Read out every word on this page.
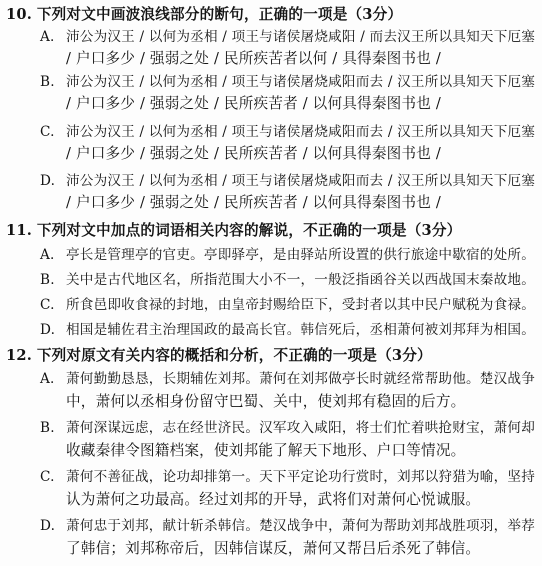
10. 下列对文中画波浪线部分的断句，正确的一项是（3分）
A. 沛公为汉王 / 以何为丞相 / 项王与诸侯屠烧咸阳 / 而去汉王所以具知天下厄塞
/ 户口多少 / 强弱之处 / 民所疾苦者以何 / 具得秦图书也 /
B. 沛公为汉王 / 以何为丞相 / 项王与诸侯屠烧咸阳而去 / 汉王所以具知天下厄塞
/ 户口多少 / 强弱之处 / 民所疾苦者 / 以何具得秦图书也 /
C. 沛公为汉王 / 以何为丞相 / 项王与诸侯屠烧咸阳而去 / 汉王所以具知天下厄塞
/ 户口多少 / 强弱之处 / 民所疾苦者 / 以何具得秦图书也 /
D. 沛公为汉王 / 以何为丞相 / 项王与诸侯屠烧咸阳而去 / 汉王所以具知天下厄塞
/ 户口多少 / 强弱之处 / 民所疾苦者 / 以何具得秦图书也 /
11. 下列对文中加点的词语相关内容的解说，不正确的一项是（3分）
A. 亭长是管理亭的官吏。亭即驿亭，是由驿站所设置的供行旅途中歇宿的处所。
B. 关中是古代地区名，所指范围大小不一，一般泛指函谷关以西战国末秦故地。
C. 所食邑即收食禄的封地，由皇帝封赐给臣下，受封者以其中民户赋税为食禄。
D. 相国是辅佐君主治理国政的最高长官。韩信死后，丞相萧何被刘邦拜为相国。
12. 下列对原文有关内容的概括和分析，不正确的一项是（3分）
A. 萧何勤勤恳恳，长期辅佐刘邦。萧何在刘邦做亭长时就经常帮助他。楚汉战争
中，萧何以丞相身份留守巴蜀、关中，使刘邦有稳固的后方。
B. 萧何深谋远虑，志在经世济民。汉军攻入咸阳，将士们忙着哄抢财宝，萧何却
收藏秦律令图籍档案，使刘邦能了解天下地形、户口等情况。
C. 萧何不善征战，论功却排第一。天下平定论功行赏时，刘邦以狩猎为喻，坚持
认为萧何之功最高。经过刘邦的开导，武将们对萧何心悦诚服。
D. 萧何忠于刘邦，献计斩杀韩信。楚汉战争中，萧何为帮助刘邦战胜项羽，举荐
了韩信；刘邦称帝后，因韩信谋反，萧何又帮吕后杀死了韩信。
